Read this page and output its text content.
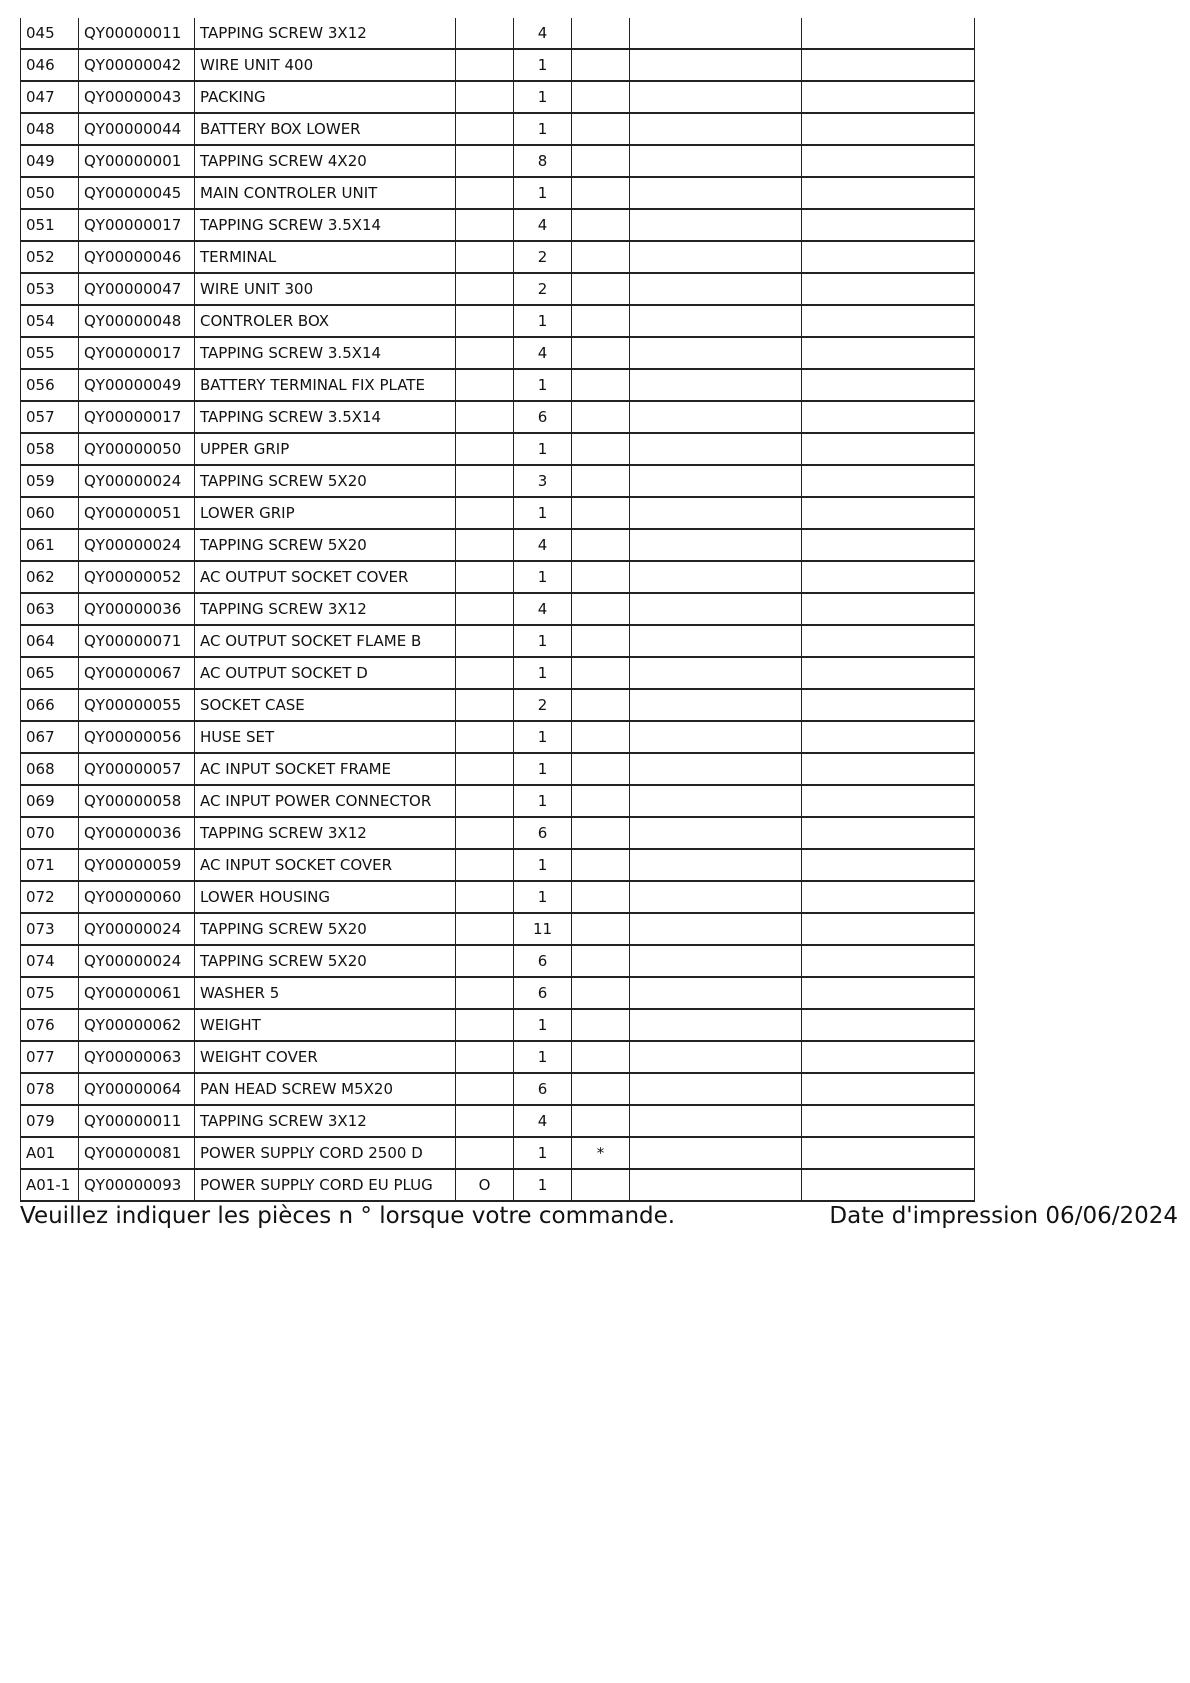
045	QY00000011	TAPPING SCREW 3X12		4			
046	QY00000042	WIRE UNIT 400		1			
047	QY00000043	PACKING		1			
048	QY00000044	BATTERY BOX LOWER		1			
049	QY00000001	TAPPING SCREW 4X20		8			
050	QY00000045	MAIN CONTROLER UNIT		1			
051	QY00000017	TAPPING SCREW 3.5X14		4			
052	QY00000046	TERMINAL		2			
053	QY00000047	WIRE UNIT 300		2			
054	QY00000048	CONTROLER BOX		1			
055	QY00000017	TAPPING SCREW 3.5X14		4			
056	QY00000049	BATTERY TERMINAL FIX PLATE		1			
057	QY00000017	TAPPING SCREW 3.5X14		6			
058	QY00000050	UPPER GRIP		1			
059	QY00000024	TAPPING SCREW 5X20		3			
060	QY00000051	LOWER GRIP		1			
061	QY00000024	TAPPING SCREW 5X20		4			
062	QY00000052	AC OUTPUT SOCKET COVER		1			
063	QY00000036	TAPPING SCREW 3X12		4			
064	QY00000071	AC OUTPUT SOCKET FLAME B		1			
065	QY00000067	AC OUTPUT SOCKET D		1			
066	QY00000055	SOCKET CASE		2			
067	QY00000056	HUSE SET		1			
068	QY00000057	AC INPUT SOCKET FRAME		1			
069	QY00000058	AC INPUT POWER CONNECTOR		1			
070	QY00000036	TAPPING SCREW 3X12		6			
071	QY00000059	AC INPUT SOCKET COVER		1			
072	QY00000060	LOWER HOUSING		1			
073	QY00000024	TAPPING SCREW 5X20		11			
074	QY00000024	TAPPING SCREW 5X20		6			
075	QY00000061	WASHER 5		6			
076	QY00000062	WEIGHT		1			
077	QY00000063	WEIGHT COVER		1			
078	QY00000064	PAN HEAD SCREW M5X20		6			
079	QY00000011	TAPPING SCREW 3X12		4			
A01	QY00000081	POWER SUPPLY CORD 2500 D		1	*		
A01-1	QY00000093	POWER SUPPLY CORD EU PLUG	O	1			
Veuillez indiquer les pièces n ° lorsque votre commande.	Date d'impression 06/06/2024
